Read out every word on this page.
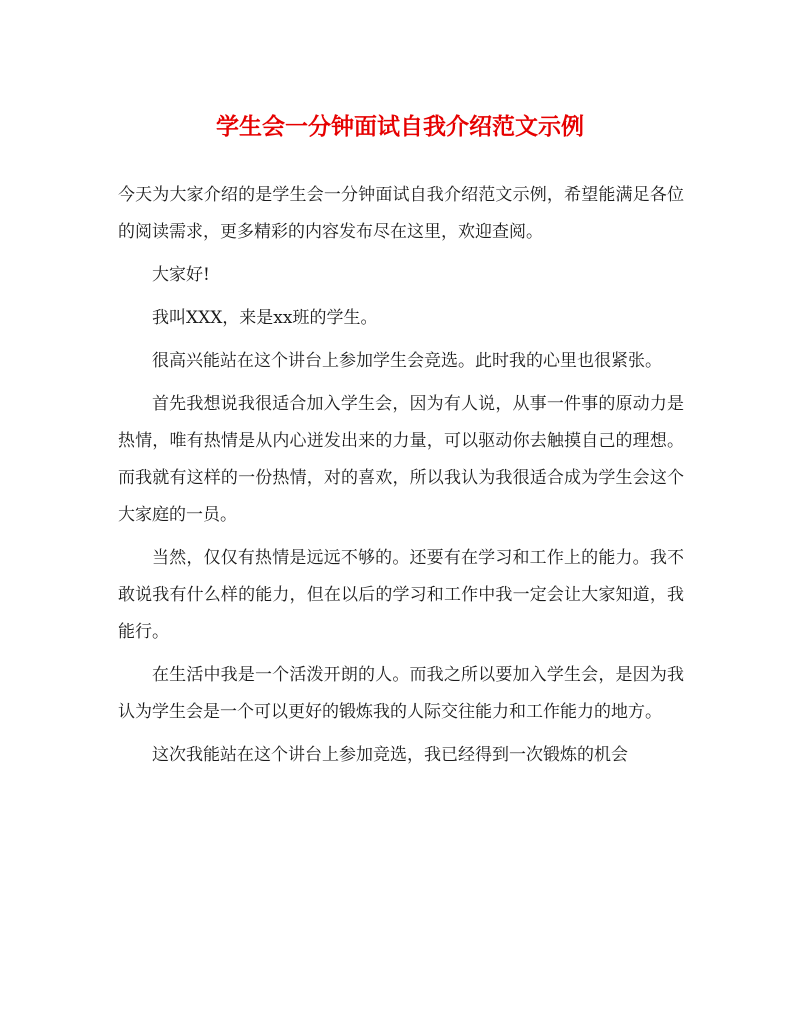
学生会一分钟面试自我介绍范文示例

今天为大家介绍的是学生会一分钟面试自我介绍范文示例，希望能满足各位的阅读需求，更多精彩的内容发布尽在这里，欢迎查阅。

大家好!

我叫XXX，来是xx班的学生。

很高兴能站在这个讲台上参加学生会竞选。此时我的心里也很紧张。

首先我想说我很适合加入学生会，因为有人说，从事一件事的原动力是热情，唯有热情是从内心迸发出来的力量，可以驱动你去触摸自己的理想。而我就有这样的一份热情，对的喜欢，所以我认为我很适合成为学生会这个大家庭的一员。

当然，仅仅有热情是远远不够的。还要有在学习和工作上的能力。我不敢说我有什么样的能力，但在以后的学习和工作中我一定会让大家知道，我能行。

在生活中我是一个活泼开朗的人。而我之所以要加入学生会，是因为我认为学生会是一个可以更好的锻炼我的人际交往能力和工作能力的地方。

这次我能站在这个讲台上参加竞选，我已经得到一次锻炼的机会
